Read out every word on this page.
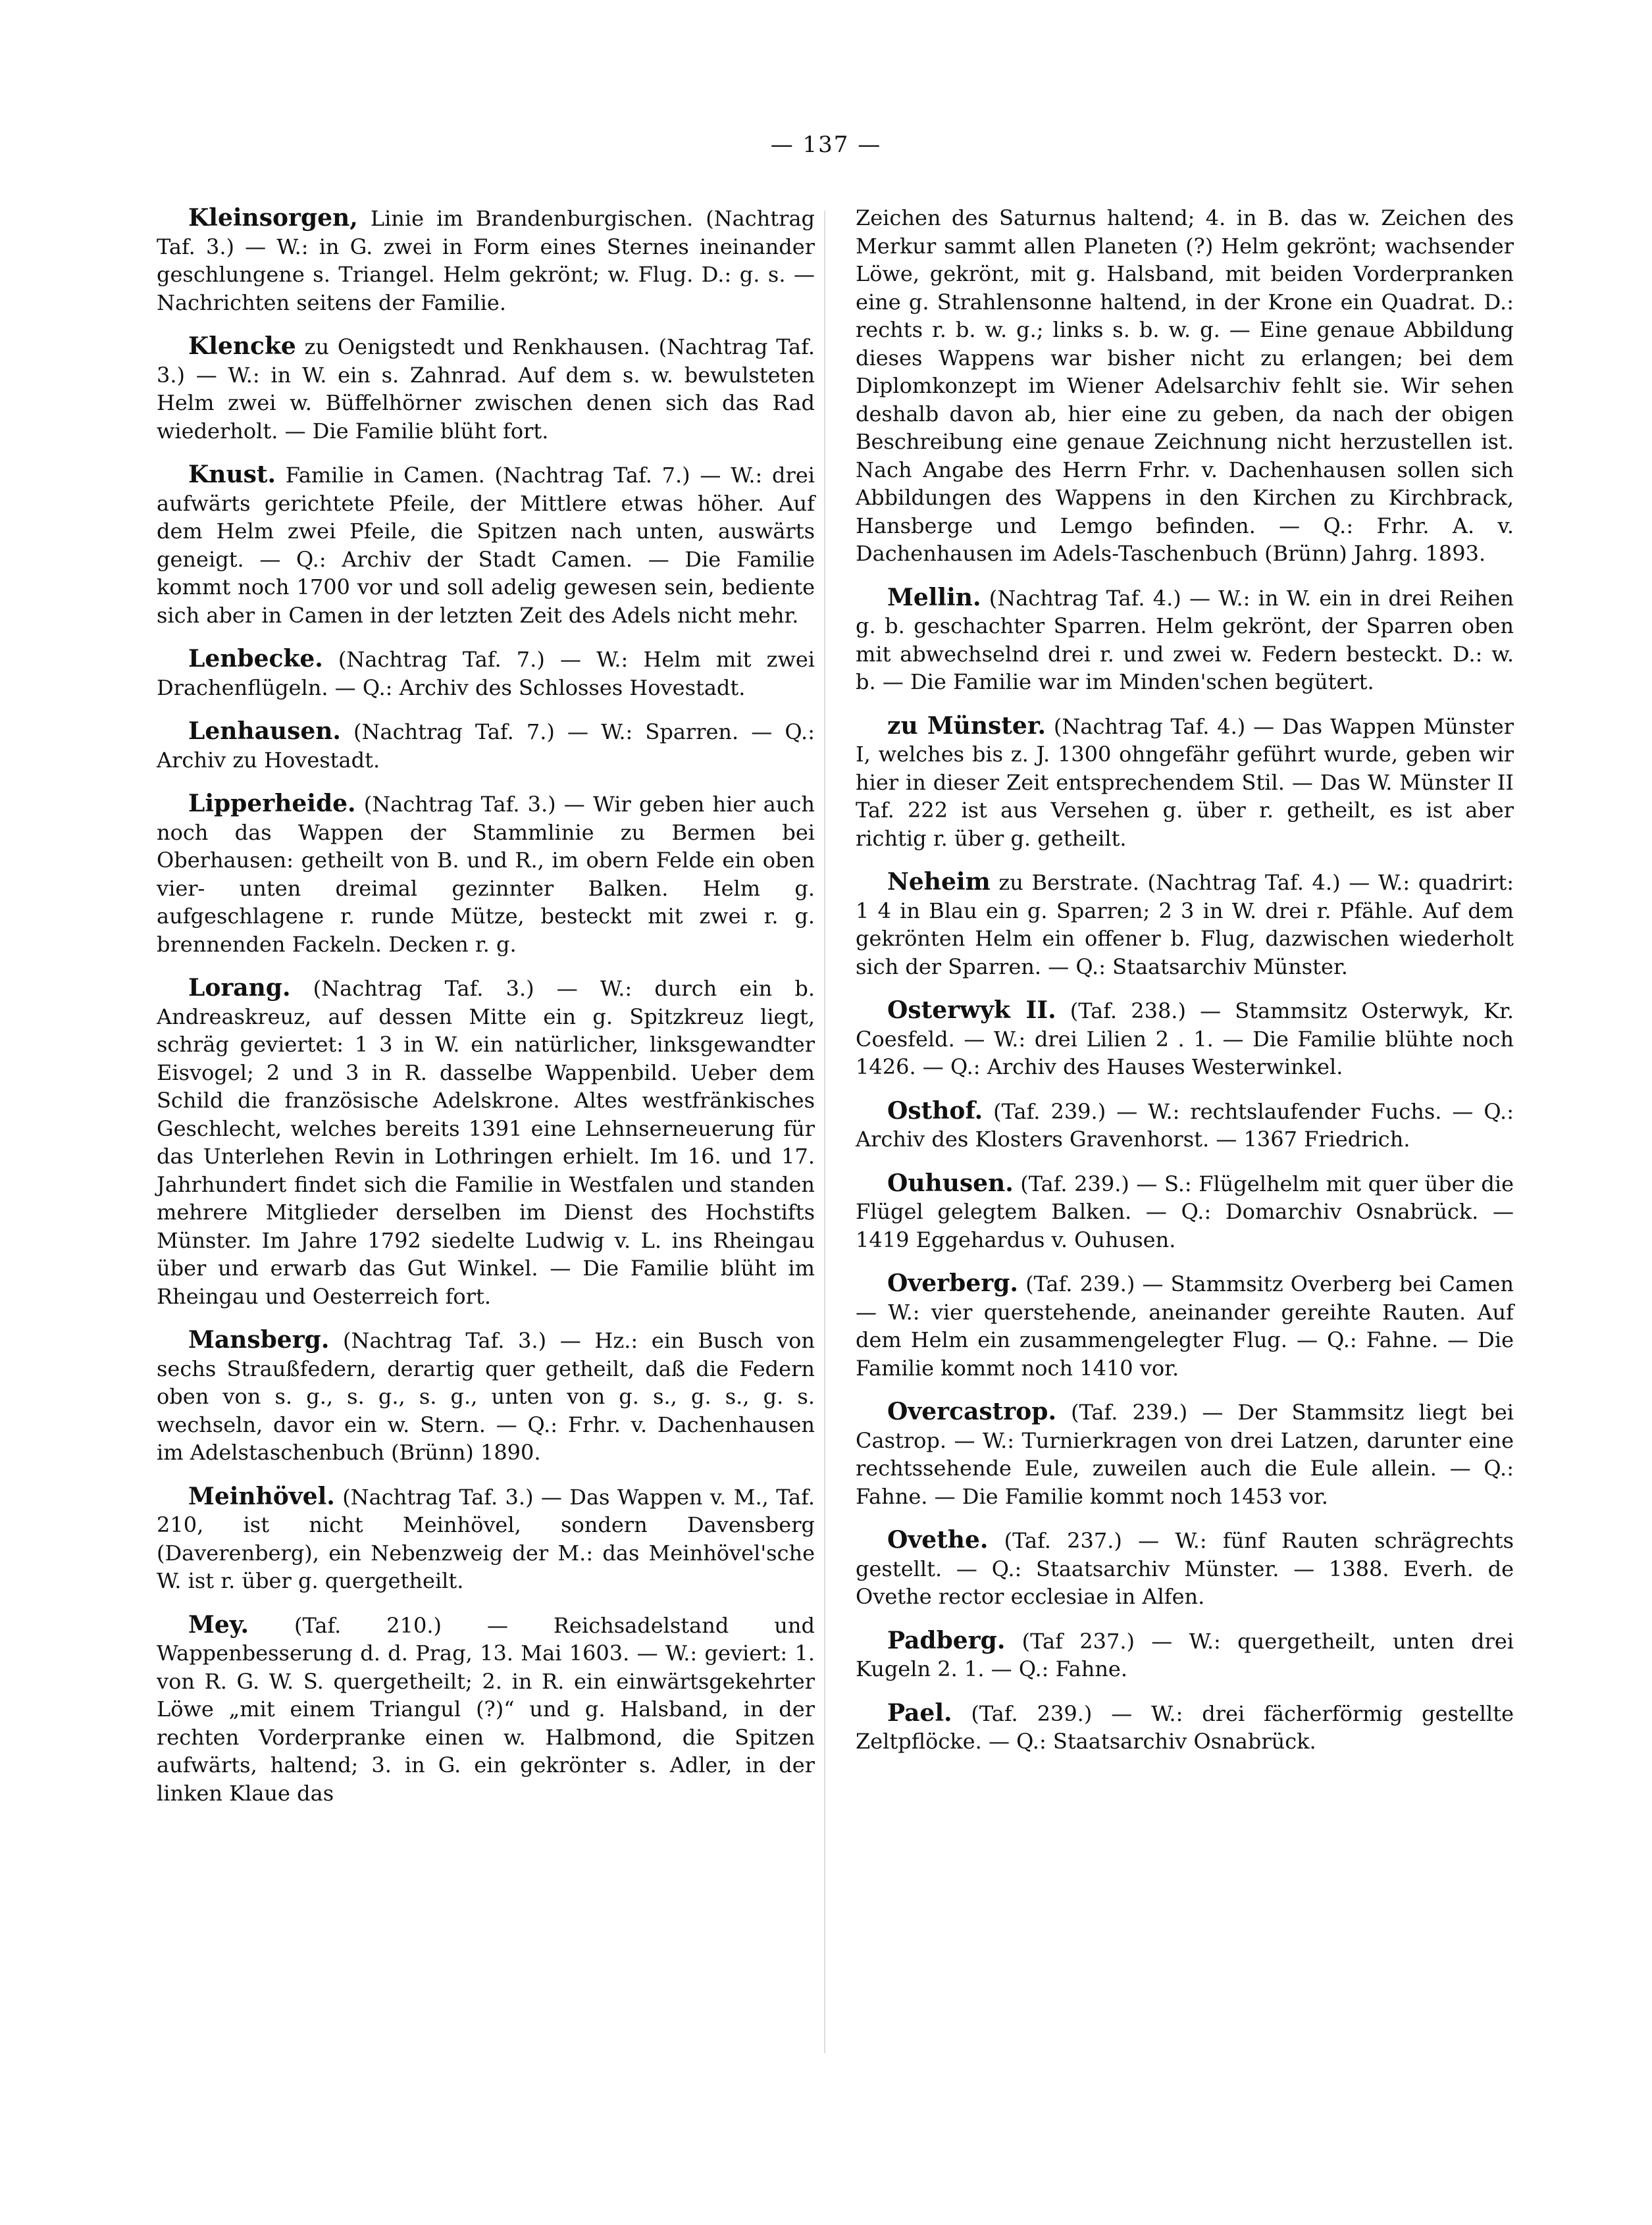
— 137 —

Kleinsorgen, Linie im Brandenburgischen. (Nachtrag Taf. 3.) — W.: in G. zwei in Form eines Sternes ineinander geschlungene s. Triangel. Helm gekrönt; w. Flug. D.: g. s. — Nachrichten seitens der Familie.

Klencke zu Oenigstedt und Renkhausen. (Nachtrag Taf. 3.) — W.: in W. ein s. Zahnrad. Auf dem s. w. bewulsteten Helm zwei w. Büffelhörner zwischen denen sich das Rad wiederholt. — Die Familie blüht fort.

Knust. Familie in Camen. (Nachtrag Taf. 7.) — W.: drei aufwärts gerichtete Pfeile, der Mittlere etwas höher. Auf dem Helm zwei Pfeile, die Spitzen nach unten, auswärts geneigt. — Q.: Archiv der Stadt Camen. — Die Familie kommt noch 1700 vor und soll adelig gewesen sein, bediente sich aber in Camen in der letzten Zeit des Adels nicht mehr.

Lenbecke. (Nachtrag Taf. 7.) — W.: Helm mit zwei Drachenflügeln. — Q.: Archiv des Schlosses Hovestadt.

Lenhausen. (Nachtrag Taf. 7.) — W.: Sparren. — Q.: Archiv zu Hovestadt.

Lipperheide. (Nachtrag Taf. 3.) — Wir geben hier auch noch das Wappen der Stammlinie zu Bermen bei Oberhausen: getheilt von B. und R., im obern Felde ein oben vier- unten dreimal gezinnter Balken. Helm g. aufgeschlagene r. runde Mütze, besteckt mit zwei r. g. brennenden Fackeln. Decken r. g.

Lorang. (Nachtrag Taf. 3.) — W.: durch ein b. Andreaskreuz, auf dessen Mitte ein g. Spitzkreuz liegt, schräg geviertet: 1 3 in W. ein natürlicher, linksgewandter Eisvogel; 2 und 3 in R. dasselbe Wappenbild. Ueber dem Schild die französische Adelskrone. Altes westfränkisches Geschlecht, welches bereits 1391 eine Lehnserneuerung für das Unterlehen Revin in Lothringen erhielt. Im 16. und 17. Jahrhundert findet sich die Familie in Westfalen und standen mehrere Mitglieder derselben im Dienst des Hochstifts Münster. Im Jahre 1792 siedelte Ludwig v. L. ins Rheingau über und erwarb das Gut Winkel. — Die Familie blüht im Rheingau und Oesterreich fort.

Mansberg. (Nachtrag Taf. 3.) — Hz.: ein Busch von sechs Straußfedern, derartig quer getheilt, daß die Federn oben von s. g., s. g., s. g., unten von g. s., g. s., g. s. wechseln, davor ein w. Stern. — Q.: Frhr. v. Dachenhausen im Adelstaschenbuch (Brünn) 1890.

Meinhövel. (Nachtrag Taf. 3.) — Das Wappen v. M., Taf. 210, ist nicht Meinhövel, sondern Davensberg (Daverenberg), ein Nebenzweig der M.: das Meinhövel'sche W. ist r. über g. quergetheilt.

Mey. (Taf. 210.) — Reichsadelstand und Wappenbesserung d. d. Prag, 13. Mai 1603. — W.: geviert: 1. von R. G. W. S. quergetheilt; 2. in R. ein einwärtsgekehrter Löwe „mit einem Triangul (?)“ und g. Halsband, in der rechten Vorderpranke einen w. Halbmond, die Spitzen aufwärts, haltend; 3. in G. ein gekrönter s. Adler, in der linken Klaue das

Zeichen des Saturnus haltend; 4. in B. das w. Zeichen des Merkur sammt allen Planeten (?) Helm gekrönt; wachsender Löwe, gekrönt, mit g. Halsband, mit beiden Vorderpranken eine g. Strahlensonne haltend, in der Krone ein Quadrat. D.: rechts r. b. w. g.; links s. b. w. g. — Eine genaue Abbildung dieses Wappens war bisher nicht zu erlangen; bei dem Diplomkonzept im Wiener Adelsarchiv fehlt sie. Wir sehen deshalb davon ab, hier eine zu geben, da nach der obigen Beschreibung eine genaue Zeichnung nicht herzustellen ist. Nach Angabe des Herrn Frhr. v. Dachenhausen sollen sich Abbildungen des Wappens in den Kirchen zu Kirchbrack, Hansberge und Lemgo befinden. — Q.: Frhr. A. v. Dachenhausen im Adels-Taschenbuch (Brünn) Jahrg. 1893.

Mellin. (Nachtrag Taf. 4.) — W.: in W. ein in drei Reihen g. b. geschachter Sparren. Helm gekrönt, der Sparren oben mit abwechselnd drei r. und zwei w. Federn besteckt. D.: w. b. — Die Familie war im Minden'schen begütert.

zu Münster. (Nachtrag Taf. 4.) — Das Wappen Münster I, welches bis z. J. 1300 ohngefähr geführt wurde, geben wir hier in dieser Zeit entsprechendem Stil. — Das W. Münster II Taf. 222 ist aus Versehen g. über r. getheilt, es ist aber richtig r. über g. getheilt.

Neheim zu Berstrate. (Nachtrag Taf. 4.) — W.: quadrirt: 1 4 in Blau ein g. Sparren; 2 3 in W. drei r. Pfähle. Auf dem gekrönten Helm ein offener b. Flug, dazwischen wiederholt sich der Sparren. — Q.: Staatsarchiv Münster.

Osterwyk II. (Taf. 238.) — Stammsitz Osterwyk, Kr. Coesfeld. — W.: drei Lilien 2 . 1. — Die Familie blühte noch 1426. — Q.: Archiv des Hauses Westerwinkel.

Osthof. (Taf. 239.) — W.: rechtslaufender Fuchs. — Q.: Archiv des Klosters Gravenhorst. — 1367 Friedrich.

Ouhusen. (Taf. 239.) — S.: Flügelhelm mit quer über die Flügel gelegtem Balken. — Q.: Domarchiv Osnabrück. — 1419 Eggehardus v. Ouhusen.

Overberg. (Taf. 239.) — Stammsitz Overberg bei Camen — W.: vier querstehende, aneinander gereihte Rauten. Auf dem Helm ein zusammengelegter Flug. — Q.: Fahne. — Die Familie kommt noch 1410 vor.

Overcastrop. (Taf. 239.) — Der Stammsitz liegt bei Castrop. — W.: Turnierkragen von drei Latzen, darunter eine rechtssehende Eule, zuweilen auch die Eule allein. — Q.: Fahne. — Die Familie kommt noch 1453 vor.

Ovethe. (Taf. 237.) — W.: fünf Rauten schrägrechts gestellt. — Q.: Staatsarchiv Münster. — 1388. Everh. de Ovethe rector ecclesiae in Alfen.

Padberg. (Taf 237.) — W.: quergetheilt, unten drei Kugeln 2. 1. — Q.: Fahne.

Pael. (Taf. 239.) — W.: drei fächerförmig gestellte Zeltpflöcke. — Q.: Staatsarchiv Osnabrück.
